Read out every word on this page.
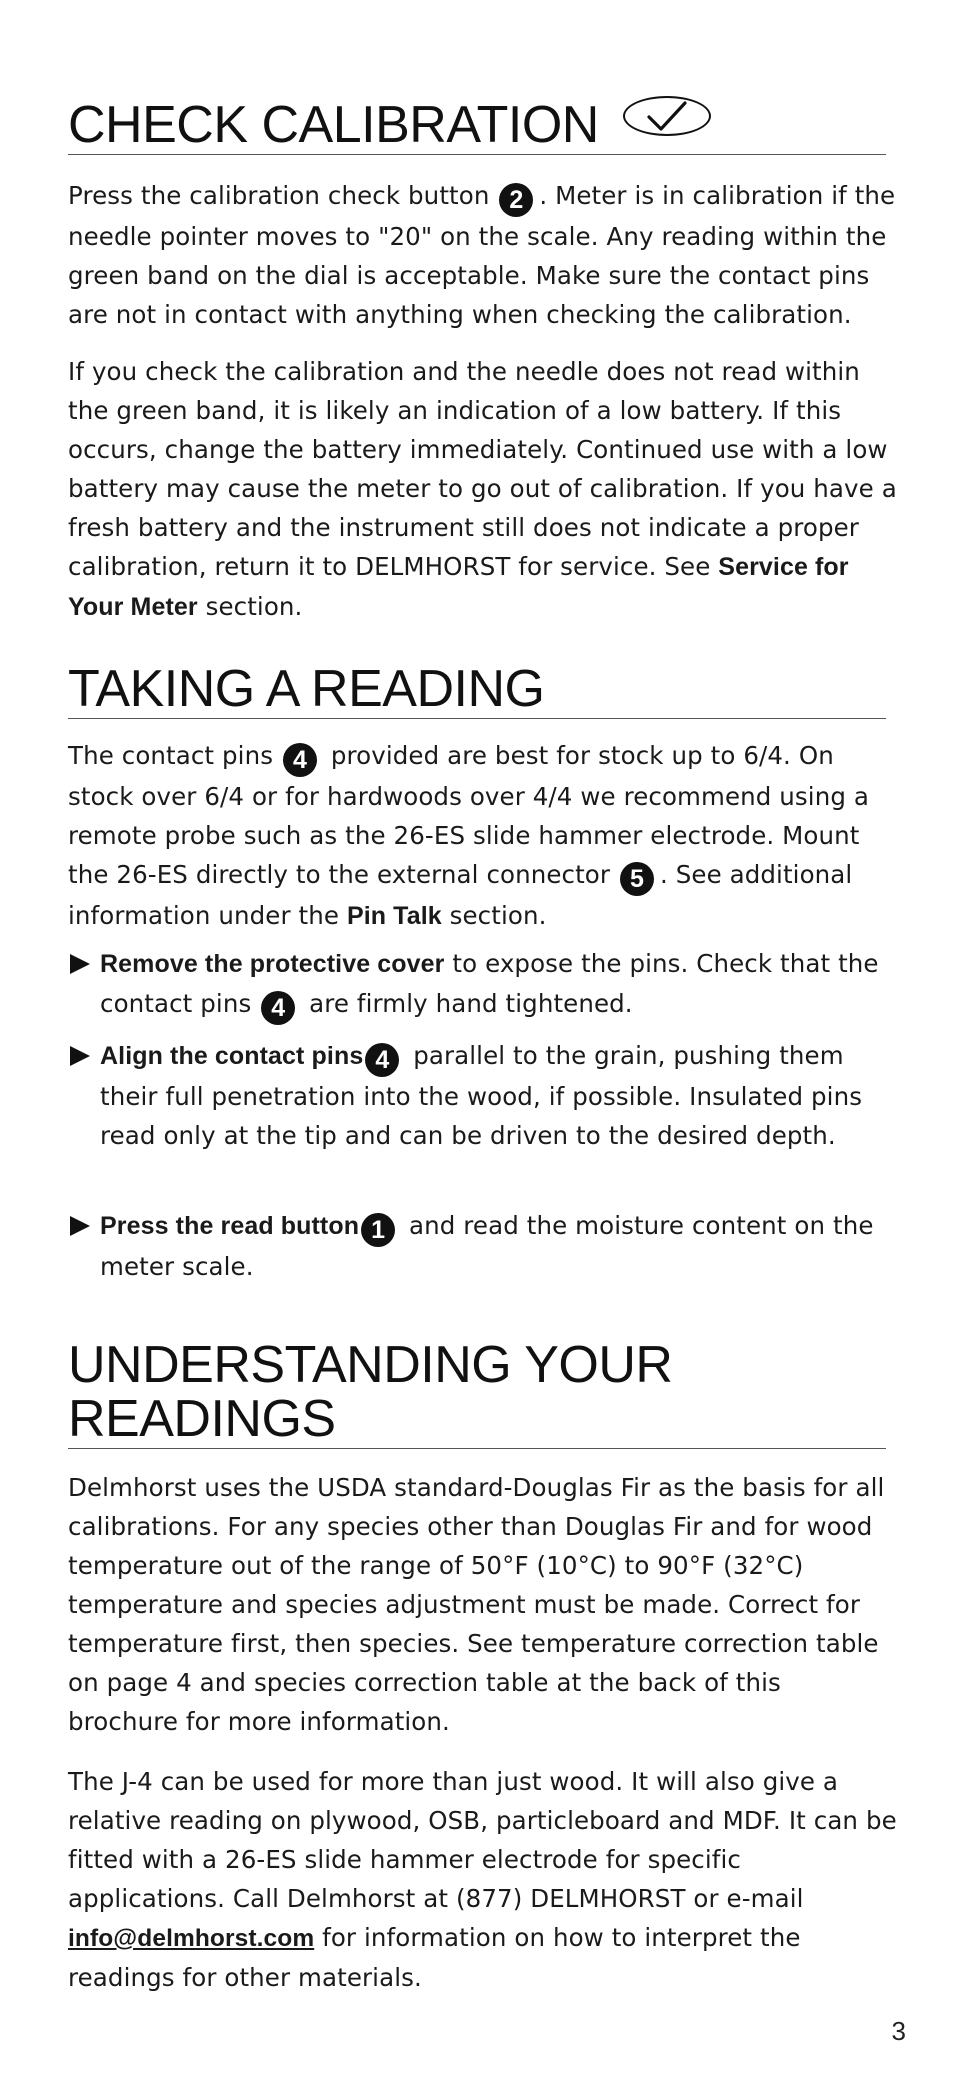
CHECK CALIBRATION

Press the calibration check button 2 . Meter is in calibration if the needle pointer moves to "20" on the scale. Any reading within the green band on the dial is acceptable. Make sure the contact pins are not in contact with anything when checking the calibration.

If you check the calibration and the needle does not read within the green band, it is likely an indication of a low battery. If this occurs, change the battery immediately. Continued use with a low battery may cause the meter to go out of calibration. If you have a fresh battery and the instrument still does not indicate a proper calibration, return it to DELMHORST for service. See Service for Your Meter section.

TAKING A READING

The contact pins 4 provided are best for stock up to 6/4. On stock over 6/4 or for hardwoods over 4/4 we recommend using a remote probe such as the 26-ES slide hammer electrode. Mount the 26-ES directly to the external connector 5 . See additional information under the Pin Talk section.

Remove the protective cover to expose the pins. Check that the contact pins 4 are firmly hand tightened.
Align the contact pins 4 parallel to the grain, pushing them their full penetration into the wood, if possible. Insulated pins read only at the tip and can be driven to the desired depth.
Press the read button 1 and read the moisture content on the meter scale.
UNDERSTANDING YOUR
READINGS

Delmhorst uses the USDA standard-Douglas Fir as the basis for all calibrations. For any species other than Douglas Fir and for wood temperature out of the range of 50°F (10°C) to 90°F (32°C) temperature and species adjustment must be made. Correct for temperature first, then species. See temperature correction table on page 4 and species correction table at the back of this brochure for more information.

The J-4 can be used for more than just wood. It will also give a relative reading on plywood, OSB, particleboard and MDF. It can be fitted with a 26-ES slide hammer electrode for specific applications. Call Delmhorst at (877) DELMHORST or e-mail info@delmhorst.com for information on how to interpret the readings for other materials.

3
